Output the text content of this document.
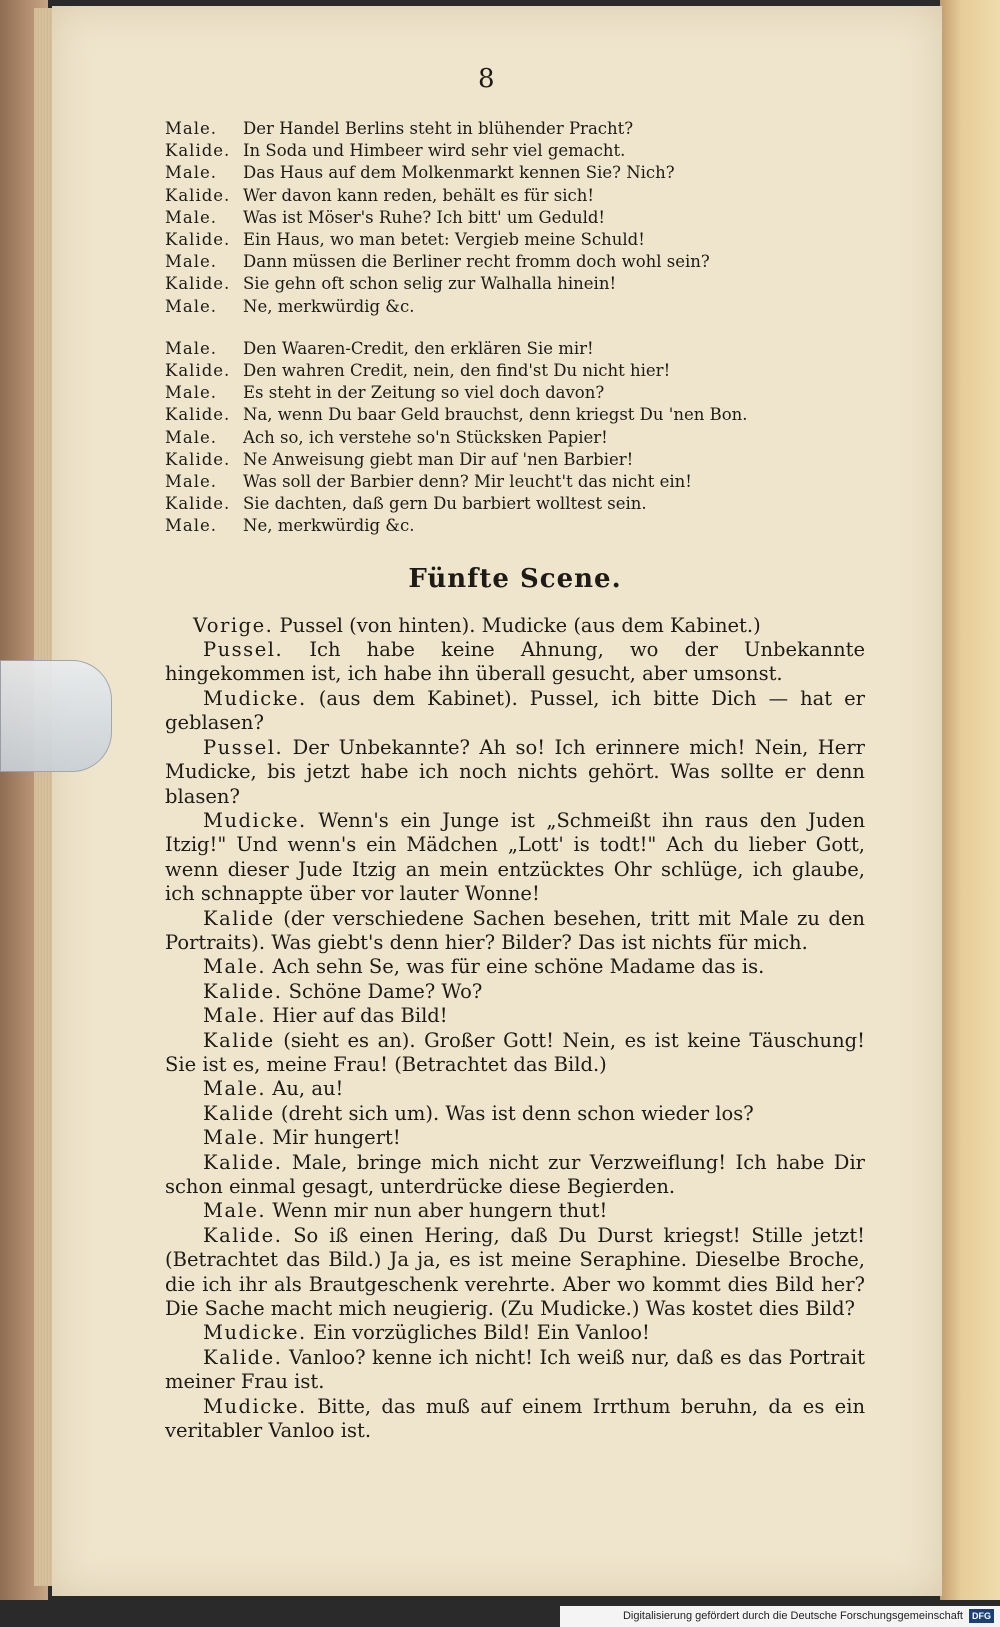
8
Male. Der Handel Berlins steht in blühender Pracht?
Kalide. In Soda und Himbeer wird sehr viel gemacht.
Male. Das Haus auf dem Molkenmarkt kennen Sie? Nich?
Kalide. Wer davon kann reden, behält es für sich!
Male. Was ist Möser's Ruhe? Ich bitt' um Geduld!
Kalide. Ein Haus, wo man betet: Vergieb meine Schuld!
Male. Dann müssen die Berliner recht fromm doch wohl sein?
Kalide. Sie gehn oft schon selig zur Walhalla hinein!
Male. Ne, merkwürdig &c.
Male. Den Waaren-Credit, den erklären Sie mir!
Kalide. Den wahren Credit, nein, den find'st Du nicht hier!
Male. Es steht in der Zeitung so viel doch davon?
Kalide. Na, wenn Du baar Geld brauchst, denn kriegst Du 'nen Bon.
Male. Ach so, ich verstehe so'n Stücksken Papier!
Kalide. Ne Anweisung giebt man Dir auf 'nen Barbier!
Male. Was soll der Barbier denn? Mir leucht't das nicht ein!
Kalide. Sie dachten, daß gern Du barbiert wolltest sein.
Male. Ne, merkwürdig &c.
Fünfte Scene.

Vorige. Pussel (von hinten). Mudicke (aus dem Kabinet.)

Pussel. Ich habe keine Ahnung, wo der Unbekannte hingekommen ist, ich habe ihn überall gesucht, aber umsonst.

Mudicke. (aus dem Kabinet). Pussel, ich bitte Dich — hat er geblasen?

Pussel. Der Unbekannte? Ah so! Ich erinnere mich! Nein, Herr Mudicke, bis jetzt habe ich noch nichts gehört. Was sollte er denn blasen?

Mudicke. Wenn's ein Junge ist „Schmeißt ihn raus den Juden Itzig!" Und wenn's ein Mädchen „Lott' is todt!" Ach du lieber Gott, wenn dieser Jude Itzig an mein entzücktes Ohr schlüge, ich glaube, ich schnappte über vor lauter Wonne!

Kalide (der verschiedene Sachen besehen, tritt mit Male zu den Portraits). Was giebt's denn hier? Bilder? Das ist nichts für mich.

Male. Ach sehn Se, was für eine schöne Madame das is.

Kalide. Schöne Dame? Wo?

Male. Hier auf das Bild!

Kalide (sieht es an). Großer Gott! Nein, es ist keine Täuschung! Sie ist es, meine Frau! (Betrachtet das Bild.)

Male. Au, au!

Kalide (dreht sich um). Was ist denn schon wieder los?

Male. Mir hungert!

Kalide. Male, bringe mich nicht zur Verzweiflung! Ich habe Dir schon einmal gesagt, unterdrücke diese Begierden.

Male. Wenn mir nun aber hungern thut!

Kalide. So iß einen Hering, daß Du Durst kriegst! Stille jetzt! (Betrachtet das Bild.) Ja ja, es ist meine Seraphine. Dieselbe Broche, die ich ihr als Brautgeschenk verehrte. Aber wo kommt dies Bild her? Die Sache macht mich neugierig. (Zu Mudicke.) Was kostet dies Bild?

Mudicke. Ein vorzügliches Bild! Ein Vanloo!

Kalide. Vanloo? kenne ich nicht! Ich weiß nur, daß es das Portrait meiner Frau ist.

Mudicke. Bitte, das muß auf einem Irrthum beruhn, da es ein veritabler Vanloo ist.

Digitalisierung gefördert durch die Deutsche Forschungsgemeinschaft DFG
